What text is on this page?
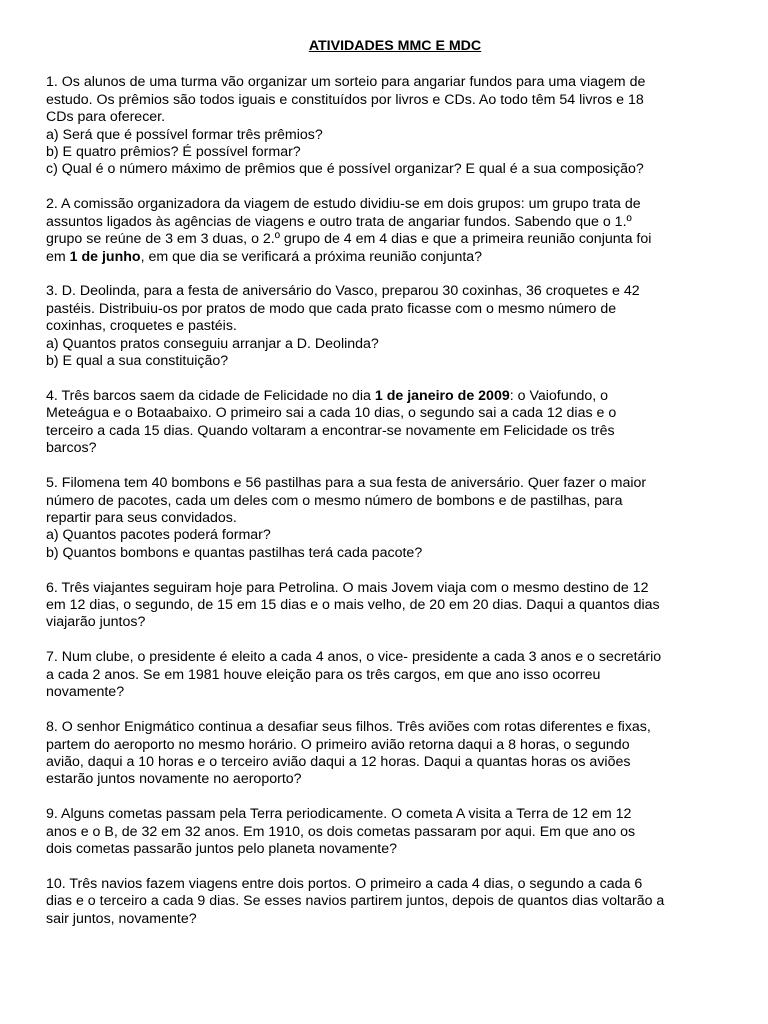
ATIVIDADES MMC E MDC
1. Os alunos de uma turma vão organizar um sorteio para angariar fundos para uma viagem de
estudo. Os prêmios são todos iguais e constituídos por livros e CDs. Ao todo têm 54 livros e 18
CDs para oferecer.
a) Será que é possível formar três prêmios?
b) E quatro prêmios? É possível formar?
c) Qual é o número máximo de prêmios que é possível organizar? E qual é a sua composição?
2. A comissão organizadora da viagem de estudo dividiu-se em dois grupos: um grupo trata de
assuntos ligados às agências de viagens e outro trata de angariar fundos. Sabendo que o 1.º
grupo se reúne de 3 em 3 duas, o 2.º grupo de 4 em 4 dias e que a primeira reunião conjunta foi
em 1 de junho, em que dia se verificará a próxima reunião conjunta?
3. D. Deolinda, para a festa de aniversário do Vasco, preparou 30 coxinhas, 36 croquetes e 42
pastéis. Distribuiu-os por pratos de modo que cada prato ficasse com o mesmo número de
coxinhas, croquetes e pastéis.
a) Quantos pratos conseguiu arranjar a D. Deolinda?
b) E qual a sua constituição?
4. Três barcos saem da cidade de Felicidade no dia 1 de janeiro de 2009: o Vaiofundo, o
Meteágua e o Botaabaixo. O primeiro sai a cada 10 dias, o segundo sai a cada 12 dias e o
terceiro a cada 15 dias. Quando voltaram a encontrar-se novamente em Felicidade os três
barcos?
5. Filomena tem 40 bombons e 56 pastilhas para a sua festa de aniversário. Quer fazer o maior
número de pacotes, cada um deles com o mesmo número de bombons e de pastilhas, para
repartir para seus convidados.
a) Quantos pacotes poderá formar?
b) Quantos bombons e quantas pastilhas terá cada pacote?
6. Três viajantes seguiram hoje para Petrolina. O mais Jovem viaja com o mesmo destino de 12
em 12 dias, o segundo, de 15 em 15 dias e o mais velho, de 20 em 20 dias. Daqui a quantos dias
viajarão juntos?
7. Num clube, o presidente é eleito a cada 4 anos, o vice- presidente a cada 3 anos e o secretário
a cada 2 anos. Se em 1981 houve eleição para os três cargos, em que ano isso ocorreu
novamente?
8. O senhor Enigmático continua a desafiar seus filhos. Três aviões com rotas diferentes e fixas,
partem do aeroporto no mesmo horário. O primeiro avião retorna daqui a 8 horas, o segundo
avião, daqui a 10 horas e o terceiro avião daqui a 12 horas. Daqui a quantas horas os aviões
estarão juntos novamente no aeroporto?
9. Alguns cometas passam pela Terra periodicamente. O cometa A visita a Terra de 12 em 12
anos e o B, de 32 em 32 anos. Em 1910, os dois cometas passaram por aqui. Em que ano os
dois cometas passarão juntos pelo planeta novamente?
10. Três navios fazem viagens entre dois portos. O primeiro a cada 4 dias, o segundo a cada 6
dias e o terceiro a cada 9 dias. Se esses navios partirem juntos, depois de quantos dias voltarão a
sair juntos, novamente?
